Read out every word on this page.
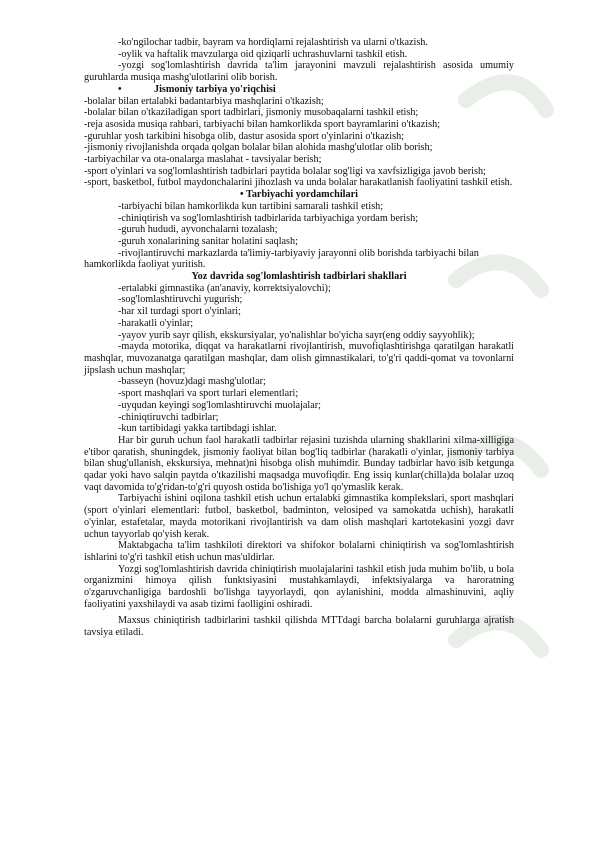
-ko'ngilochar tadbir, bayram va hordiqlarni rejalashtirish va ularni o'tkazish.

-oylik va haftalik mavzularga oid qiziqarli uchrashuvlarni tashkil etish.

-yozgi sog'lomlashtirish davrida ta'lim jarayonini mavzuli rejalashtirish asosida umumiy guruhlarda musiqa mashg'ulotlarini olib borish.

•	Jismoniy tarbiya yo'riqchisi

-bolalar bilan ertalabki badantarbiya mashqlarini o'tkazish;

-bolalar bilan o'tkaziladigan sport tadbirlari, jismoniy musobaqalarni tashkil etish;

-reja asosida musiqa rahbari, tarbiyachi bilan hamkorlikda sport bayramlarini o'tkazish;

-guruhlar yosh tarkibini hisobga olib, dastur asosida sport o'yinlarini o'tkazish;

-jismoniy rivojlanishda orqada qolgan bolalar bilan alohida mashg'ulotlar olib borish;

-tarbiyachilar va ota-onalarga maslahat - tavsiyalar berish;

-sport o'yinlari va sog'lomlashtirish tadbirlari paytida bolalar sog'ligi va xavfsizligiga javob berish;

-sport, basketbol, futbol maydonchalarini jihozlash va unda bolalar harakatlanish faoliyatini tashkil etish.

• Tarbiyachi yordamchilari

-tarbiyachi bilan hamkorlikda kun tartibini samarali tashkil etish;

-chiniqtirish va sog'lomlashtirish tadbirlarida tarbiyachiga yordam berish;

-guruh hududi, ayvonchalarni tozalash;

-guruh xonalarining sanitar holatini saqlash;

-rivojlantiruvchi markazlarda ta'limiy-tarbiyaviy jarayonni olib borishda tarbiyachi bilan hamkorlikda faoliyat yuritish.

Yoz davrida sog'lomlashtirish tadbirlari shakllari

-ertalabki gimnastika (an'anaviy, korrektsiyalovchi);

-sog'lomlashtiruvchi yugurish;

-har xil turdagi sport o'yinlari;

-harakatli o'yinlar;

-yayov yurib sayr qilish, ekskursiyalar, yo'nalishlar bo'yicha sayr(eng oddiy sayyohlik);

-mayda motorika, diqqat va harakatlarni rivojlantirish, muvofiqlashtirishga qaratilgan harakatli mashqlar, muvozanatga qaratilgan mashqlar, dam olish gimnastikalari, to'g'ri qaddi-qomat va tovonlarni jipslash uchun mashqlar;

-basseyn (hovuz)dagi mashg'ulotlar;

-sport mashqlari va sport turlari elementlari;

-uyqudan keyingi sog'lomlashtiruvchi muolajalar;

-chiniqtiruvchi tadbirlar;

-kun tartibidagi yakka tartibdagi ishlar.

Har bir guruh uchun faol harakatli tadbirlar rejasini tuzishda ularning shakllarini xilma-xilligiga e'tibor qaratish, shuningdek, jismoniy faoliyat bilan bog'liq tadbirlar (harakatli o'yinlar, jismoniy tarbiya bilan shug'ullanish, ekskursiya, mehnat)ni hisobga olish muhimdir. Bunday tadbirlar havo isib ketgunga qadar yoki havo salqin paytda o'tkazilishi maqsadga muvofiqdir. Eng issiq kunlar(chilla)da bolalar uzoq vaqt davomida to'g'ridan-to'g'ri quyosh ostida bo'lishiga yo'l qo'ymaslik kerak.

Tarbiyachi ishini oqilona tashkil etish uchun ertalabki gimnastika komplekslari, sport mashqlari (sport o'yinlari elementlari: futbol, basketbol, badminton, velosiped va samokatda uchish), harakatli o'yinlar, estafetalar, mayda motorikani rivojlantirish va dam olish mashqlari kartotekasini yozgi davr uchun tayyorlab qo'yish kerak.

Maktabgacha ta'lim tashkiloti direktori va shifokor bolalarni chiniqtirish va sog'lomlashtirish ishlarini to'g'ri tashkil etish uchun mas'uldirlar.

Yozgi sog'lomlashtirish davrida chiniqtirish muolajalarini tashkil etish juda muhim bo'lib, u bola organizmini himoya qilish funktsiyasini mustahkamlaydi, infektsiyalarga va haroratning o'zgaruvchanligiga bardoshli bo'lishga tayyorlaydi, qon aylanishini, modda almashinuvini, aqliy faoliyatini yaxshilaydi va asab tizimi faolligini oshiradi.

Maxsus chiniqtirish tadbirlarini tashkil qilishda MTTdagi barcha bolalarni guruhlarga ajratish tavsiya etiladi.
